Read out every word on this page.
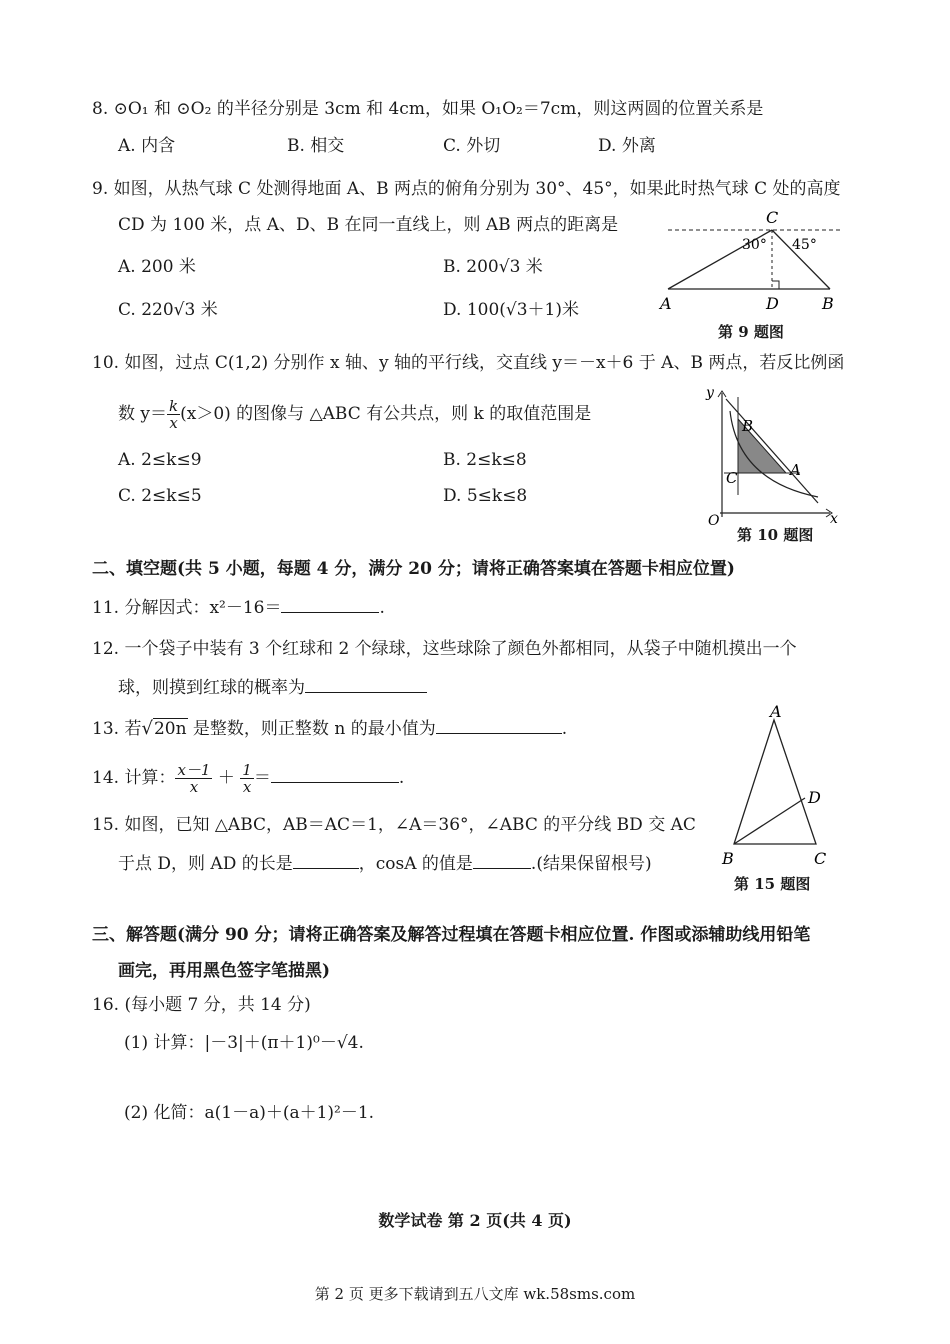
8. ⊙O₁ 和 ⊙O₂ 的半径分别是 3cm 和 4cm，如果 O₁O₂＝7cm，则这两圆的位置关系是
A. 内含	B. 相交	C. 外切	D. 外离
9. 如图，从热气球 C 处测得地面 A、B 两点的俯角分别为 30°、45°，如果此时热气球 C 处的高度
CD 为 100 米，点 A、D、B 在同一直线上，则 AB 两点的距离是
A. 200 米	B. 200√3 米
C. 220√3 米	D. 100(√3＋1)米
C
30° 45°
A	D	B
第 9 题图
10. 如图，过点 C(1,2) 分别作 x 轴、y 轴的平行线，交直线 y＝－x＋6 于 A、B 两点，若反比例函
数 $y= \frac{k}{x} (x>0)$ 的图像与 △ABC 有公共点，则 k 的取值范围是
A. 2≤k≤9	B. 2≤k≤8
C. 2≤k≤5	D. 5≤k≤8
y
x
O
B
A
C
第 10 题图
二、填空题(共 5 小题，每题 4 分，满分 20 分；请将正确答案填在答题卡相应位置)
11. 分解因式：x²－16＝	.
12. 一个袋子中装有 3 个红球和 2 个绿球，这些球除了颜色外都相同，从袋子中随机摸出一个
球，则摸到红球的概率为
13. 若√20n 是整数，则正整数 n 的最小值为	.
14. 计算： $\frac{x-1}{x} + \frac{1}{x}$ ＝	.
15. 如图，已知 △ABC，AB＝AC＝1，∠A＝36°，∠ABC 的平分线 BD 交 AC
于点 D，则 AD 的长是	，cosA 的值是	.(结果保留根号)
A
D
B	C
第 15 题图
三、解答题(满分 90 分；请将正确答案及解答过程填在答题卡相应位置. 作图或添辅助线用铅笔
画完，再用黑色签字笔描黑)
16. (每小题 7 分，共 14 分)
(1) 计算：|－3|＋(π＋1)⁰－√4.
(2) 化简：a(1－a)＋(a＋1)²－1.
数学试卷 第 2 页(共 4 页)
第 2 页 更多下载请到五八文库 wk.58sms.com
